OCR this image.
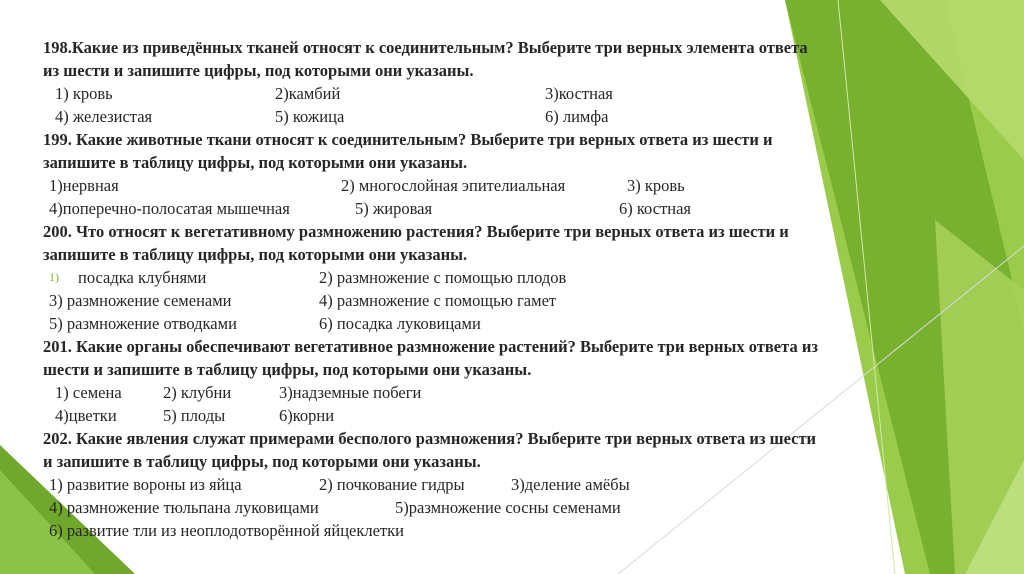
198.Какие из приведённых тканей относят к соединительным? Выберите три верных элемента ответа из шести и запишите цифры, под которыми они указаны.
1) кровь	2)камбий	3)костная
4) железистая	5) кожица	6) лимфа
199. Какие животные ткани относят к соединительным? Выберите три верных ответа из шести и запишите в таблицу цифры, под которыми они указаны.
1)нервная	2) многослойная эпителиальная	3) кровь
4)поперечно-полосатая мышечная	5) жировая	6) костная
200. Что относят к вегетативному размножению растения? Выберите три верных ответа из шести и запишите в таблицу цифры, под которыми они указаны.
1) посадка клубнями	2) размножение с помощью плодов
3) размножение семенами	4) размножение с помощью гамет
5) размножение отводками	6) посадка луковицами
201. Какие органы обеспечивают вегетативное размножение растений? Выберите три верных ответа из шести и запишите в таблицу цифры, под которыми они указаны.
1) семена	2) клубни	3)надземные побеги
4)цветки	5) плоды	6)корни
202. Какие явления служат примерами бесполого размножения? Выберите три верных ответа из шести и запишите в таблицу цифры, под которыми они указаны.
1) развитие вороны из яйца	2) почкование гидры	3)деление амёбы
4) размножение тюльпана луковицами	5)размножение сосны семенами
6) развитие тли из неоплодотворённой яйцеклетки
